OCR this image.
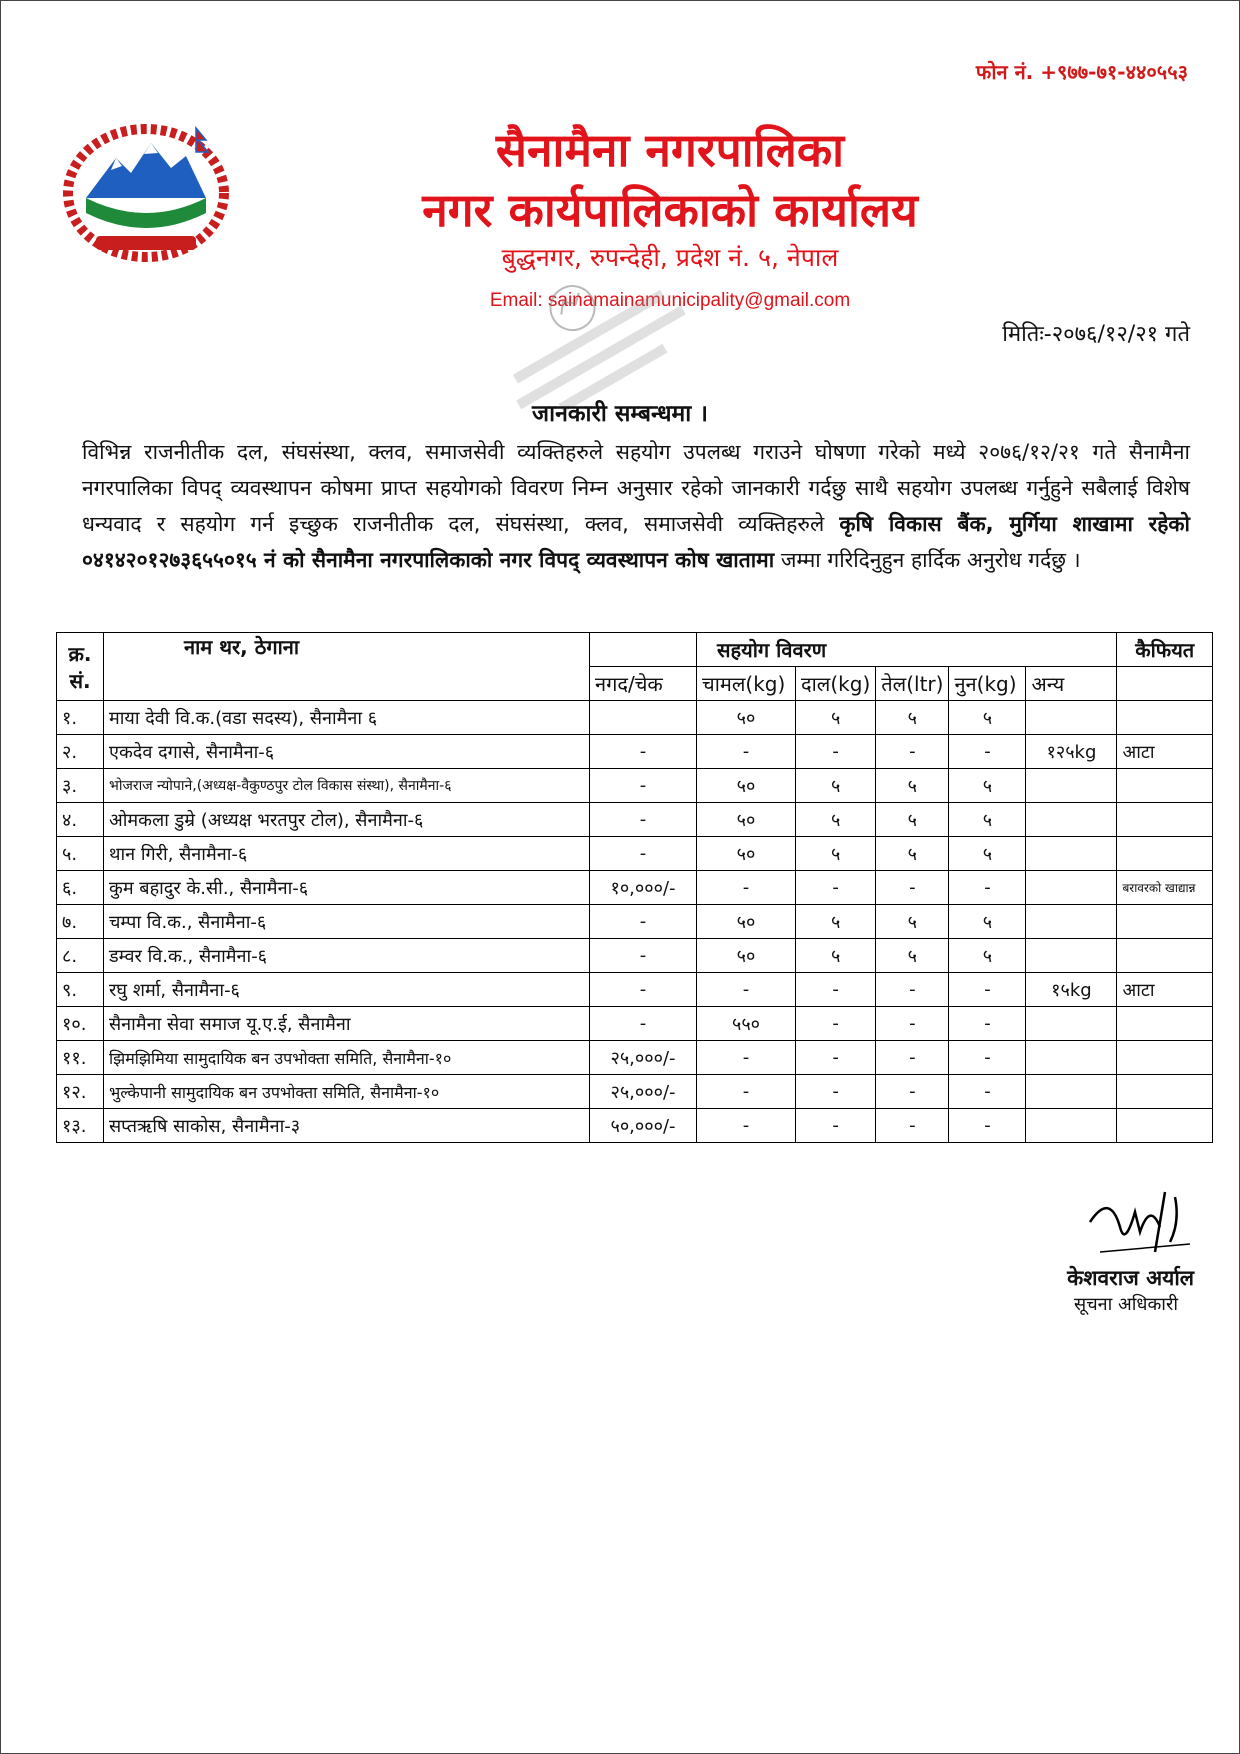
फोन नं. +९७७-७१-४४०५५३
सैनामैना नगरपालिका
नगर कार्यपालिकाको कार्यालय
बुद्धनगर, रुपन्देही, प्रदेश नं. ५, नेपाल
Email: sainamainamunicipality@gmail.com
मितिः-२०७६/१२/२१ गते
जानकारी सम्बन्धमा ।
विभिन्न राजनीतीक दल, संघसंस्था, क्लव, समाजसेवी व्यक्तिहरुले सहयोग उपलब्ध गराउने घोषणा गरेको मध्ये २०७६/१२/२१ गते सैनामैना नगरपालिका विपद् व्यवस्थापन कोषमा प्राप्त सहयोगको विवरण निम्न अनुसार रहेको जानकारी गर्दछु साथै सहयोग उपलब्ध गर्नुहुने सबैलाई विशेष धन्यवाद र सहयोग गर्न इच्छुक राजनीतीक दल, संघसंस्था, क्लव, समाजसेवी व्यक्तिहरुले कृषि विकास बैंक, मुर्गिया शाखामा रहेको ०४१४२०१२७३६५५०१५ नं को सैनामैना नगरपालिकाको नगर विपद् व्यवस्थापन कोष खातामा जम्मा गरिदिनुहुन हार्दिक अनुरोध गर्दछु ।
क्र.
सं.	नाम थर, ठेगाना		सहयोग विवरण					कैफियत
		नगद/चेक	चामल(kg)	दाल(kg)	तेल(ltr)	नुन(kg)	अन्य	
१.	माया देवी वि.क.(वडा सदस्य), सैनामैना ६		५०	५	५	५		
२.	एकदेव दगासे, सैनामैना-६	-	-	-	-	-	१२५kg	आटा
३.	भोजराज न्योपाने,(अध्यक्ष-वैकुण्ठपुर टोल विकास संस्था), सैनामैना-६	-	५०	५	५	५		
४.	ओमकला डुम्रे (अध्यक्ष भरतपुर टोल), सैनामैना-६	-	५०	५	५	५		
५.	थान गिरी, सैनामैना-६	-	५०	५	५	५		
६.	कुम बहादुर के.सी., सैनामैना-६	१०,०००/-	-	-	-	-		बरावरको खाद्यान्न
७.	चम्पा वि.क., सैनामैना-६	-	५०	५	५	५		
८.	डम्वर वि.क., सैनामैना-६	-	५०	५	५	५		
९.	रघु शर्मा, सैनामैना-६	-	-	-	-	-	१५kg	आटा
१०.	सैनामैना सेवा समाज यू.ए.ई, सैनामैना	-	५५०	-	-	-		
११.	झिमझिमिया सामुदायिक बन उपभोक्ता समिति, सैनामैना-१०	२५,०००/-	-	-	-	-		
१२.	भुल्केपानी सामुदायिक बन उपभोक्ता समिति, सैनामैना-१०	२५,०००/-	-	-	-	-		
१३.	सप्तऋषि साकोस, सैनामैना-३	५०,०००/-	-	-	-	-		
केशवराज अर्याल
सूचना अधिकारी
